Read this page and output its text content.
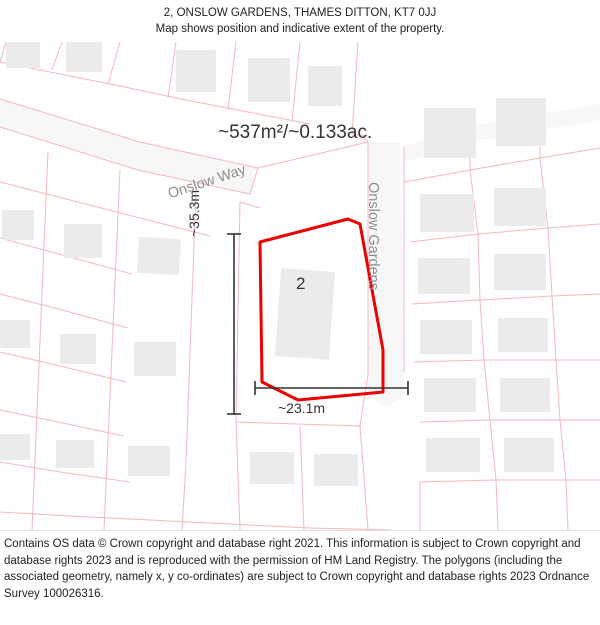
2, ONSLOW GARDENS, THAMES DITTON, KT7 0JJ
Map shows position and indicative extent of the property.
~537m²/~0.133ac.
2
~23.1m
~35.3m
Onslow Way	Onslow Gardens
Contains OS data © Crown copyright and database right 2021. This information is subject to Crown copyright and database rights 2023 and is reproduced with the permission of HM Land Registry. The polygons (including the associated geometry, namely x, y co-ordinates) are subject to Crown copyright and database rights 2023 Ordnance Survey 100026316.
